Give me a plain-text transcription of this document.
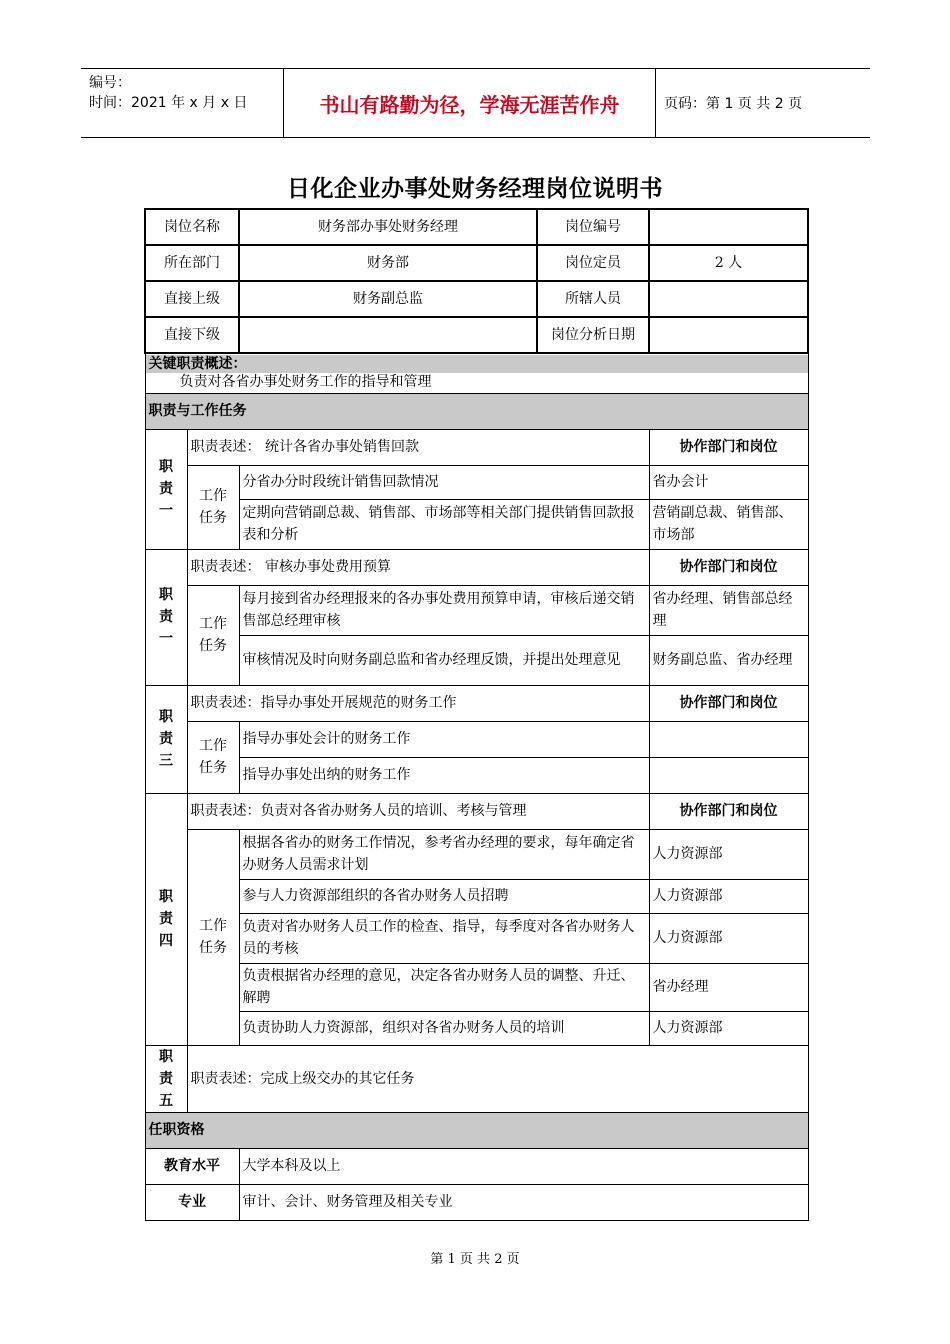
编号：
时间：2021 年 x 月 x 日	书山有路勤为径，学海无涯苦作舟	页码：第 1 页 共 2 页
日化企业办事处财务经理岗位说明书
岗位名称		财务部办事处财务经理	岗位编号	
所在部门		财务部	岗位定员	2 人
直接上级		财务副总监	所辖人员	
直接下级			岗位分析日期	

关键职责概述：
负责对各省办事处财务工作的指导和管理				

职责与工作任务				
职
责
一	职责表述： 统计各省办事处销售回款			协作部门和岗位
	工作
任务	分省办分时段统计销售回款情况		省办会计
		定期向营销副总裁、销售部、市场部等相关部门提供销售回款报表和分析		营销副总裁、销售部、市场部
职
责
一	职责表述： 审核办事处费用预算			协作部门和岗位
	工作
任务	每月接到省办经理报来的各办事处费用预算申请，审核后递交销售部总经理审核		省办经理、销售部总经理
		审核情况及时向财务副总监和省办经理反馈，并提出处理意见		财务副总监、省办经理
职
责
三	职责表述：指导办事处开展规范的财务工作			协作部门和岗位
	工作
任务	指导办事处会计的财务工作		
		指导办事处出纳的财务工作		
职
责
四	职责表述：负责对各省办财务人员的培训、考核与管理			协作部门和岗位
	工作
任务	根据各省办的财务工作情况，参考省办经理的要求，每年确定省办财务人员需求计划		人力资源部
		参与人力资源部组织的各省办财务人员招聘		人力资源部
		负责对省办财务人员工作的检查、指导，每季度对各省办财务人员的考核		人力资源部
		负责根据省办经理的意见，决定各省办财务人员的调整、升迁、解聘		省办经理
		负责协助人力资源部，组织对各省办财务人员的培训		人力资源部
职
责
五	职责表述：完成上级交办的其它任务			
任职资格				
教育水平		大学本科及以上		
专业		审计、会计、财务管理及相关专业		
第 1 页 共 2 页
